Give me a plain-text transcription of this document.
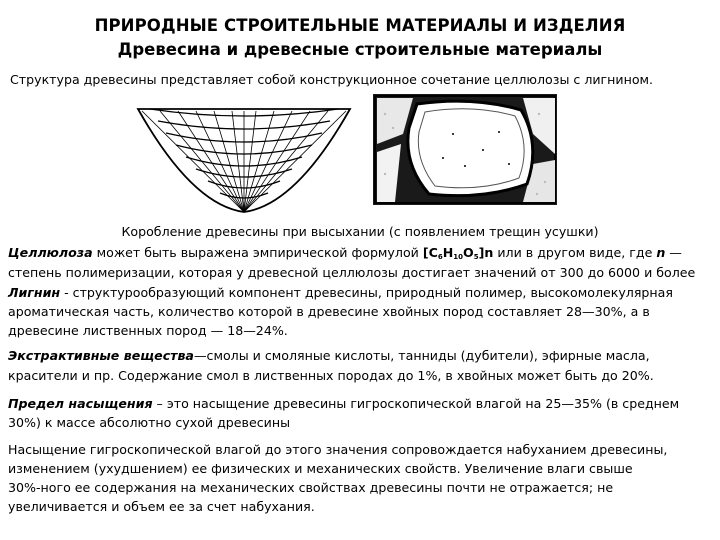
ПРИРОДНЫЕ СТРОИТЕЛЬНЫЕ МАТЕРИАЛЫ И ИЗДЕЛИЯ
Древесина и древесные строительные материалы
Структура древесины представляет собой конструкционное сочетание целлюлозы с лигнином.
Коробление древесины при высыхании (с появлением трещин усушки)
Целлюлоза может быть выражена эмпирической формулой $[C_6H_{10}O_5]n$ или в другом виде, где n —
степень полимеризации, которая у древесной целлюлозы достигает значений от 300 до 6000 и более
Лигнин - структурообразующий компонент древесины, природный полимер, высокомолекулярная
ароматическая часть, количество которой в древесине хвойных пород составляет 28—30%, а в
древесине лиственных пород — 18—24%.
Экстрактивные вещества—смолы и смоляные кислоты, танниды (дубители), эфирные масла,
красители и пр. Содержание смол в лиственных породах до 1%, в хвойных может быть до 20%.
Предел насыщения – это насыщение древесины гигроскопической влагой на 25—35% (в среднем
30%) к массе абсолютно сухой древесины
Насыщение гигроскопической влагой до этого значения сопровождается набуханием древесины,
изменением (ухудшением) ее физических и механических свойств. Увеличение влаги свыше
30%-ного ее содержания на механических свойствах древесины почти не отражается; не
увеличивается и объем ее за счет набухания.
